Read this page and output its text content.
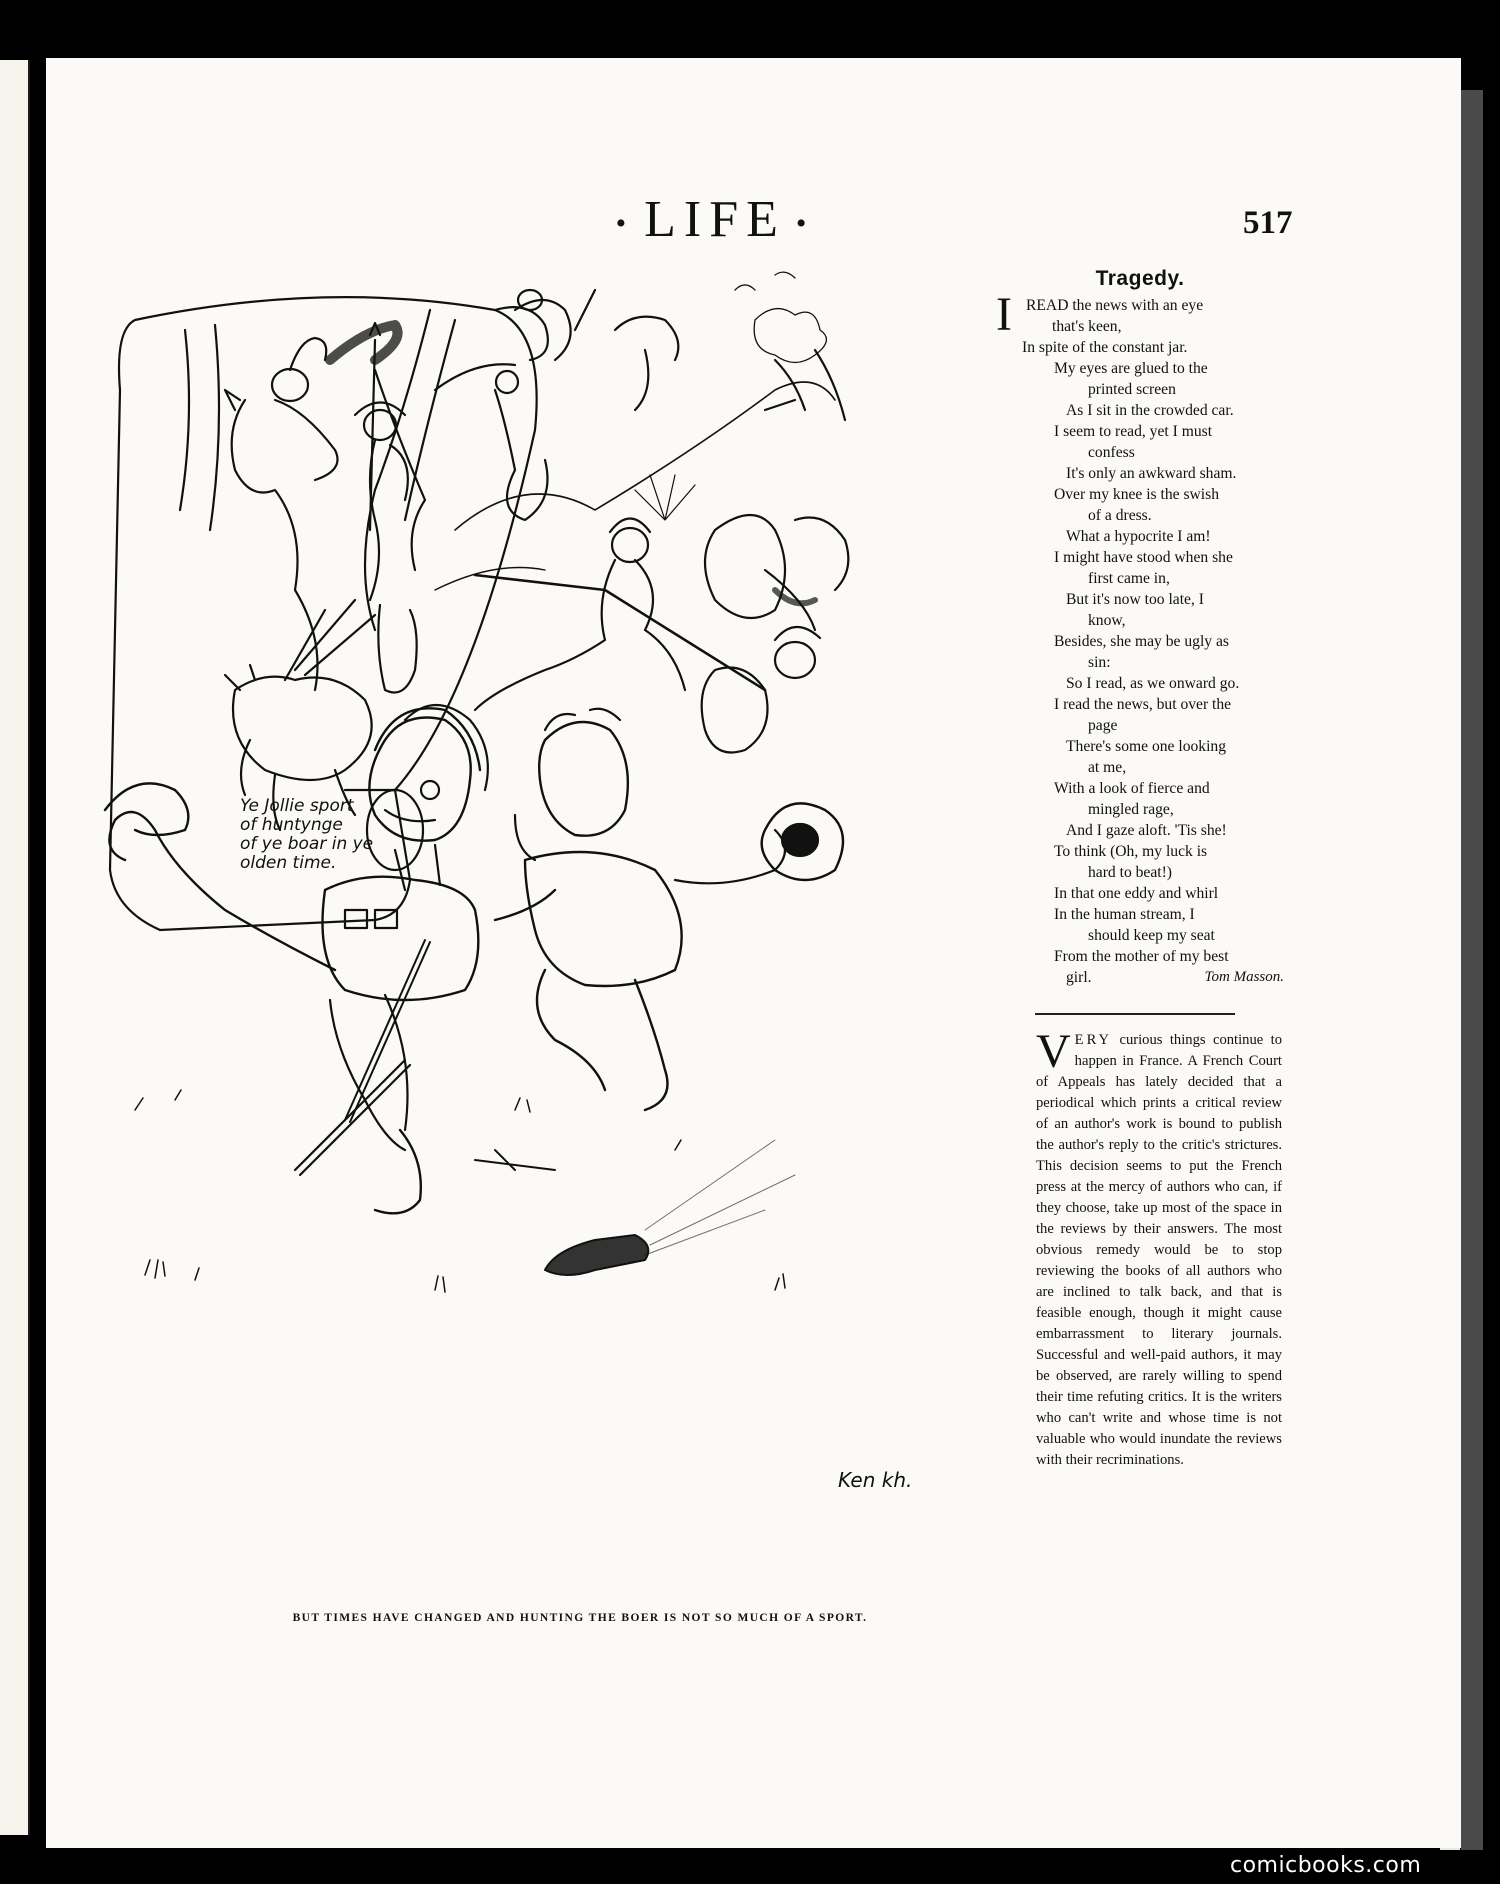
• LIFE •	517
Ye Jollie sport
of huntynge
of ye boar in ye
olden time.
Ken kh.
BUT TIMES HAVE CHANGED AND HUNTING THE BOER IS NOT SO MUCH OF A SPORT.
Tragedy.
I READ the news with an eye
that's keen,
In spite of the constant jar.
My eyes are glued to the
printed screen
As I sit in the crowded car.
I seem to read, yet I must
confess
It's only an awkward sham.
Over my knee is the swish
of a dress.
What a hypocrite I am!
I might have stood when she
first came in,
But it's now too late, I
know,
Besides, she may be ugly as
sin:
So I read, as we onward go.
I read the news, but over the
page
There's some one looking
at me,
With a look of fierce and
mingled rage,
And I gaze aloft. 'Tis she!
To think (Oh, my luck is
hard to beat!)
In that one eddy and whirl
In the human stream, I
should keep my seat
From the mother of my best
girl.	Tom Masson.
VERY curious things continue to happen in France. A French Court of Appeals has lately decided that a periodical which prints a critical review of an author's work is bound to publish the author's reply to the critic's strictures. This decision seems to put the French press at the mercy of authors who can, if they choose, take up most of the space in the reviews by their answers. The most obvious remedy would be to stop reviewing the books of all authors who are inclined to talk back, and that is feasible enough, though it might cause embarrassment to literary journals. Successful and well-paid authors, it may be observed, are rarely willing to spend their time refuting critics. It is the writers who can't write and whose time is not valuable who would inundate the reviews with their recriminations.
comicbooks.com
